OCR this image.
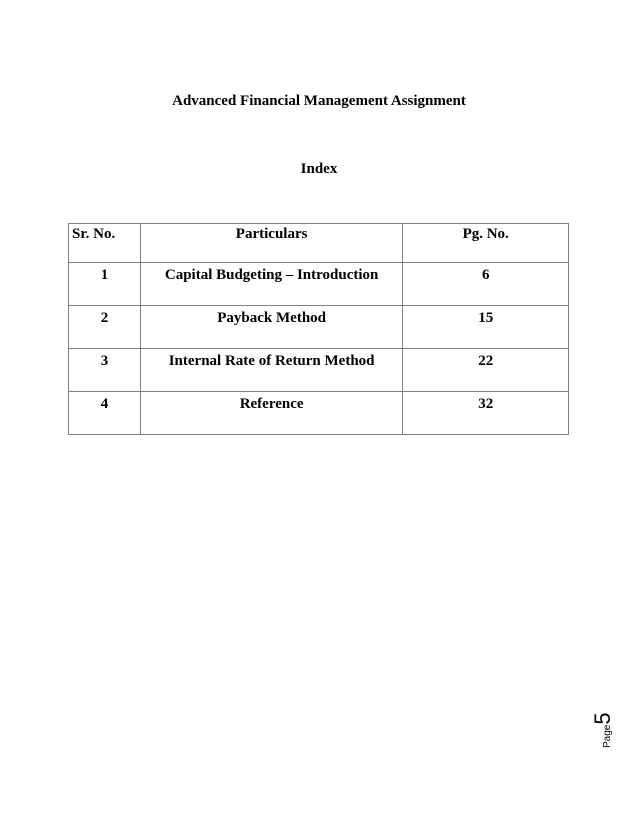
Advanced Financial Management Assignment
Index
Sr. No.	Particulars	Pg. No.
1	Capital Budgeting – Introduction	6
2	Payback Method	15
3	Internal Rate of Return Method	22
4	Reference	32
Page5
